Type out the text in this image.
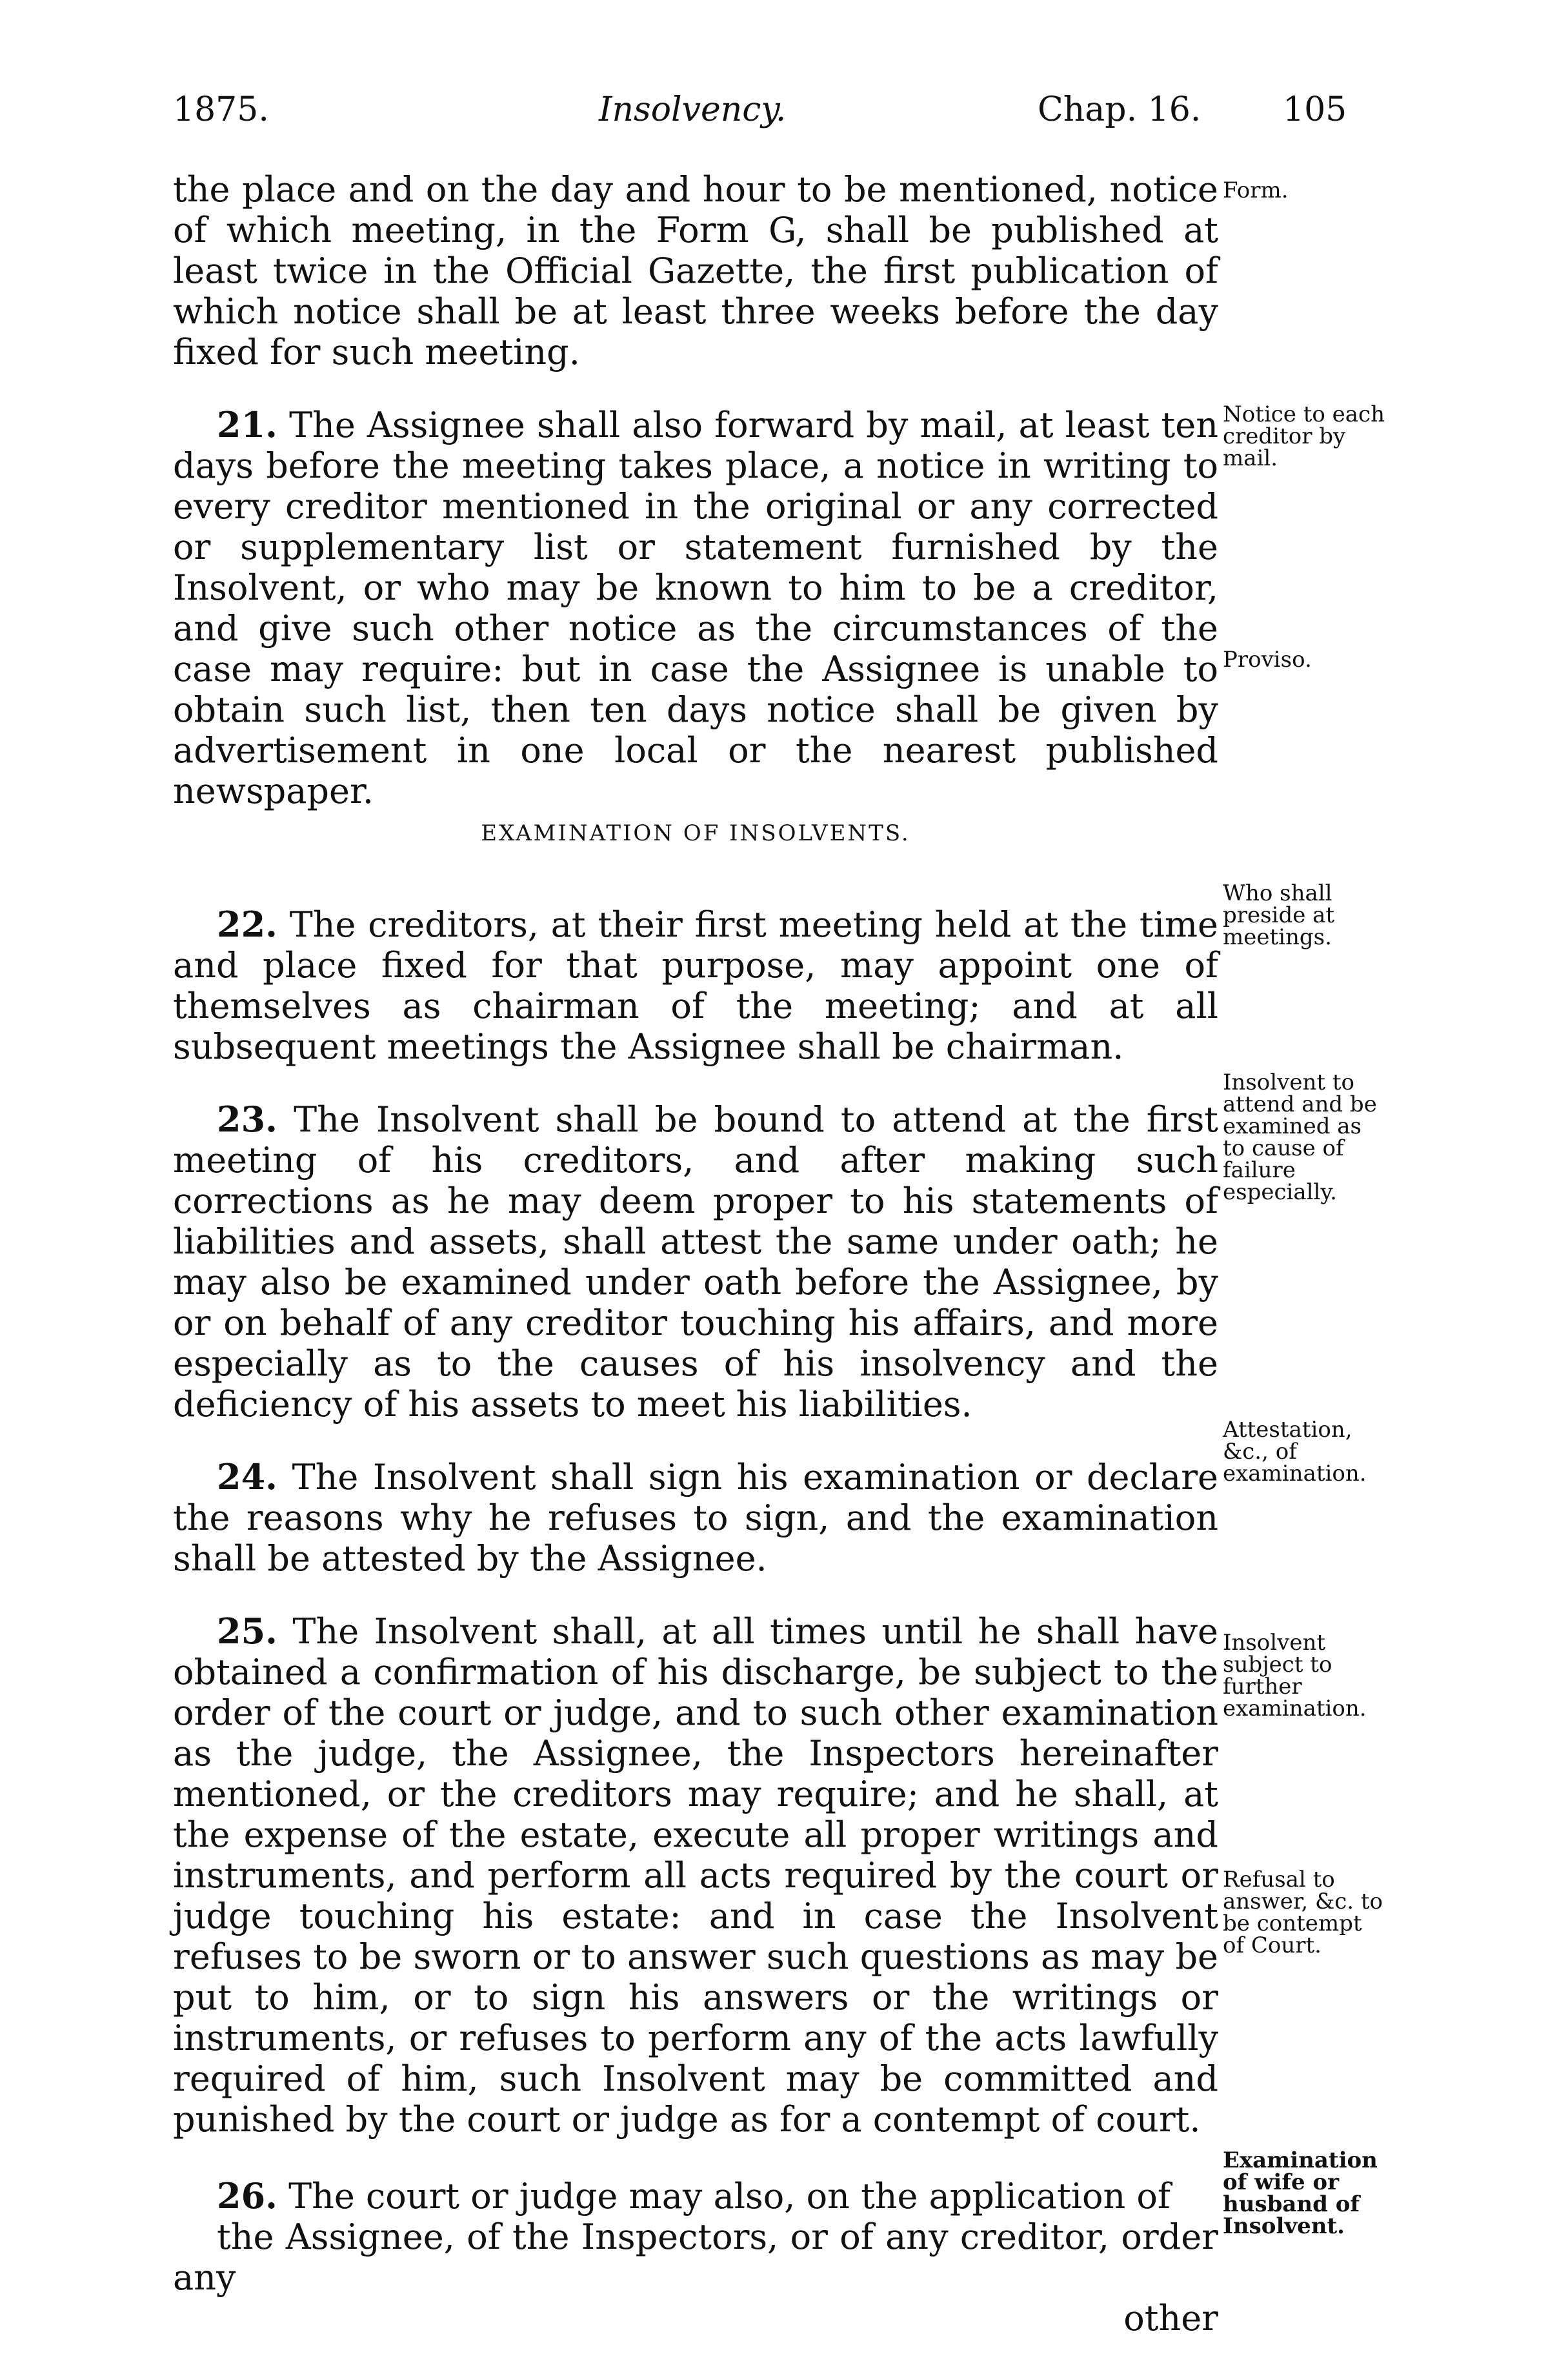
1875.	Insolvency.	Chap. 16. 105

the place and on the day and hour to be mentioned, notice of which meeting, in the Form G, shall be published at least twice in the Official Gazette, the first publication of which notice shall be at least three weeks before the day fixed for such meeting.

21. The Assignee shall also forward by mail, at least ten days before the meeting takes place, a notice in writing to every creditor mentioned in the original or any corrected or supplementary list or statement furnished by the Insolvent, or who may be known to him to be a creditor, and give such other notice as the circumstances of the case may require: but in case the Assignee is unable to obtain such list, then ten days notice shall be given by advertisement in one local or the nearest published newspaper.

EXAMINATION OF INSOLVENTS.

22. The creditors, at their first meeting held at the time and place fixed for that purpose, may appoint one of themselves as chairman of the meeting; and at all subsequent meetings the Assignee shall be chairman.

23. The Insolvent shall be bound to attend at the first meeting of his creditors, and after making such corrections as he may deem proper to his statements of liabilities and assets, shall attest the same under oath; he may also be examined under oath before the Assignee, by or on behalf of any creditor touching his affairs, and more especially as to the causes of his insolvency and the deficiency of his assets to meet his liabilities.

24. The Insolvent shall sign his examination or declare the reasons why he refuses to sign, and the examination shall be attested by the Assignee.

25. The Insolvent shall, at all times until he shall have obtained a confirmation of his discharge, be subject to the order of the court or judge, and to such other examination as the judge, the Assignee, the Inspectors hereinafter mentioned, or the creditors may require; and he shall, at the expense of the estate, execute all proper writings and instruments, and perform all acts required by the court or judge touching his estate: and in case the Insolvent refuses to be sworn or to answer such questions as may be put to him, or to sign his answers or the writings or instruments, or refuses to perform any of the acts lawfully required of him, such Insolvent may be committed and punished by the court or judge as for a contempt of court.

26. The court or judge may also, on the application of
the Assignee, of the Inspectors, or of any creditor, order any
other
Form.
Notice to each creditor by mail.
Proviso.
Who shall preside at meetings.
Insolvent to attend and be examined as to cause of failure especially.
Attestation, &c., of examination.
Insolvent subject to further examination.
Refusal to answer, &c. to be contempt of Court.
Examination of wife or husband of Insolvent.
